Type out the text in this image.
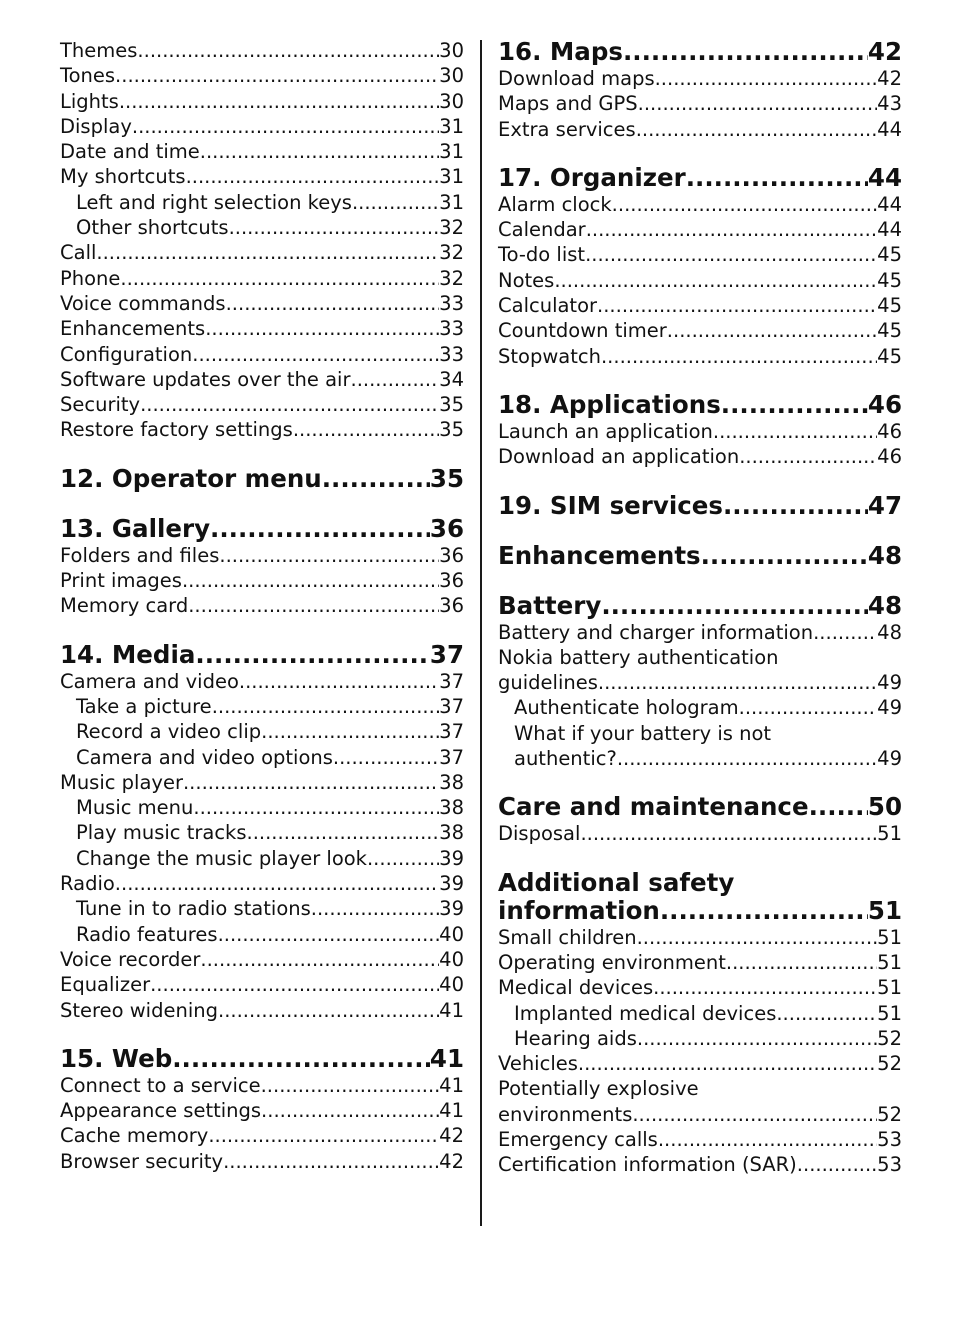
Themes .....	30
Tones .....	30
Lights .....	30
Display .....	31
Date and time .....	31
My shortcuts .....	31
Left and right selection keys .....	31
Other shortcuts .....	32
Call .....	32
Phone .....	32
Voice commands .....	33
Enhancements .....	33
Configuration .....	33
Software updates over the air .....	34
Security .....	35
Restore factory settings .....	35
12. Operator menu .....	35
13. Gallery .....	36
Folders and files .....	36
Print images .....	36
Memory card .....	36
14. Media .....	37
Camera and video .....	37
Take a picture .....	37
Record a video clip .....	37
Camera and video options .....	37
Music player .....	38
Music menu .....	38
Play music tracks .....	38
Change the music player look .....	39
Radio .....	39
Tune in to radio stations .....	39
Radio features .....	40
Voice recorder .....	40
Equalizer .....	40
Stereo widening .....	41
15. Web .....	41
Connect to a service .....	41
Appearance settings .....	41
Cache memory .....	42
Browser security .....	42
16. Maps .....	42
Download maps .....	42
Maps and GPS .....	43
Extra services .....	44
17. Organizer .....	44
Alarm clock .....	44
Calendar .....	44
To-do list .....	45
Notes .....	45
Calculator .....	45
Countdown timer .....	45
Stopwatch .....	45
18. Applications .....	46
Launch an application .....	46
Download an application .....	46
19. SIM services .....	47
Enhancements .....	48
Battery .....	48
Battery and charger information .....	48
Nokia battery authentication
guidelines .....	49
Authenticate hologram .....	49
What if your battery is not
authentic? .....	49
Care and maintenance ..... 50
Disposal .....	51
Additional safety
information .....	51
Small children .....	51
Operating environment .....	51
Medical devices .....	51
Implanted medical devices .....	51
Hearing aids .....	52
Vehicles .....	52
Potentially explosive
environments .....	52
Emergency calls .....	53
Certification information (SAR) .....	53
